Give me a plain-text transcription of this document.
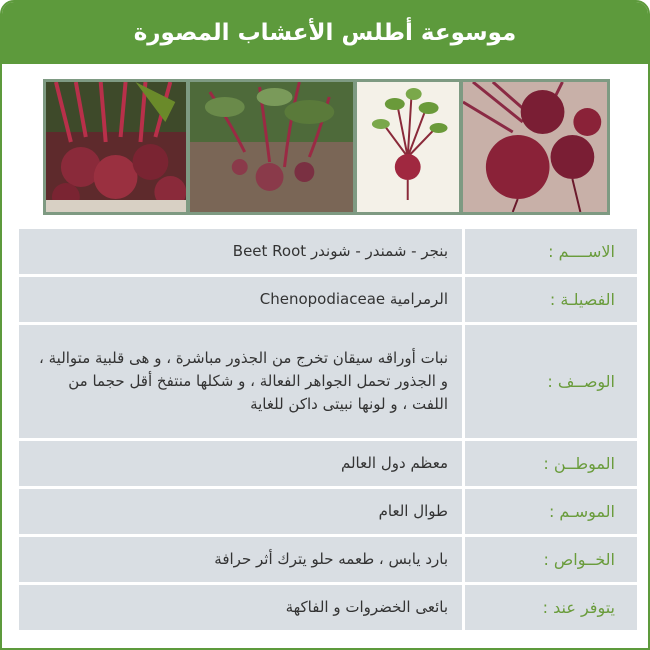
موسوعة أطلس الأعشاب المصورة
الاســــم :
بنجر - شمندر - شوندر Beet Root
الفصيلـة :
الرمرامية Chenopodiaceae
الوصــف :
نبات أوراقه سيقان تخرج من الجذور مباشرة ، و هى قلبية متوالية ، و الجذور تحمل الجواهر الفعالة ، و شكلها منتفخ أقل حجما من اللفت ، و لونها نبيتى داكن للغاية
الموطــن :
معظم دول العالم
الموسـم :
طوال العام
الخــواص :
بارد يابس ، طعمه حلو يترك أثر حرافة
يتوفر عند :
بائعى الخضروات و الفاكهة
